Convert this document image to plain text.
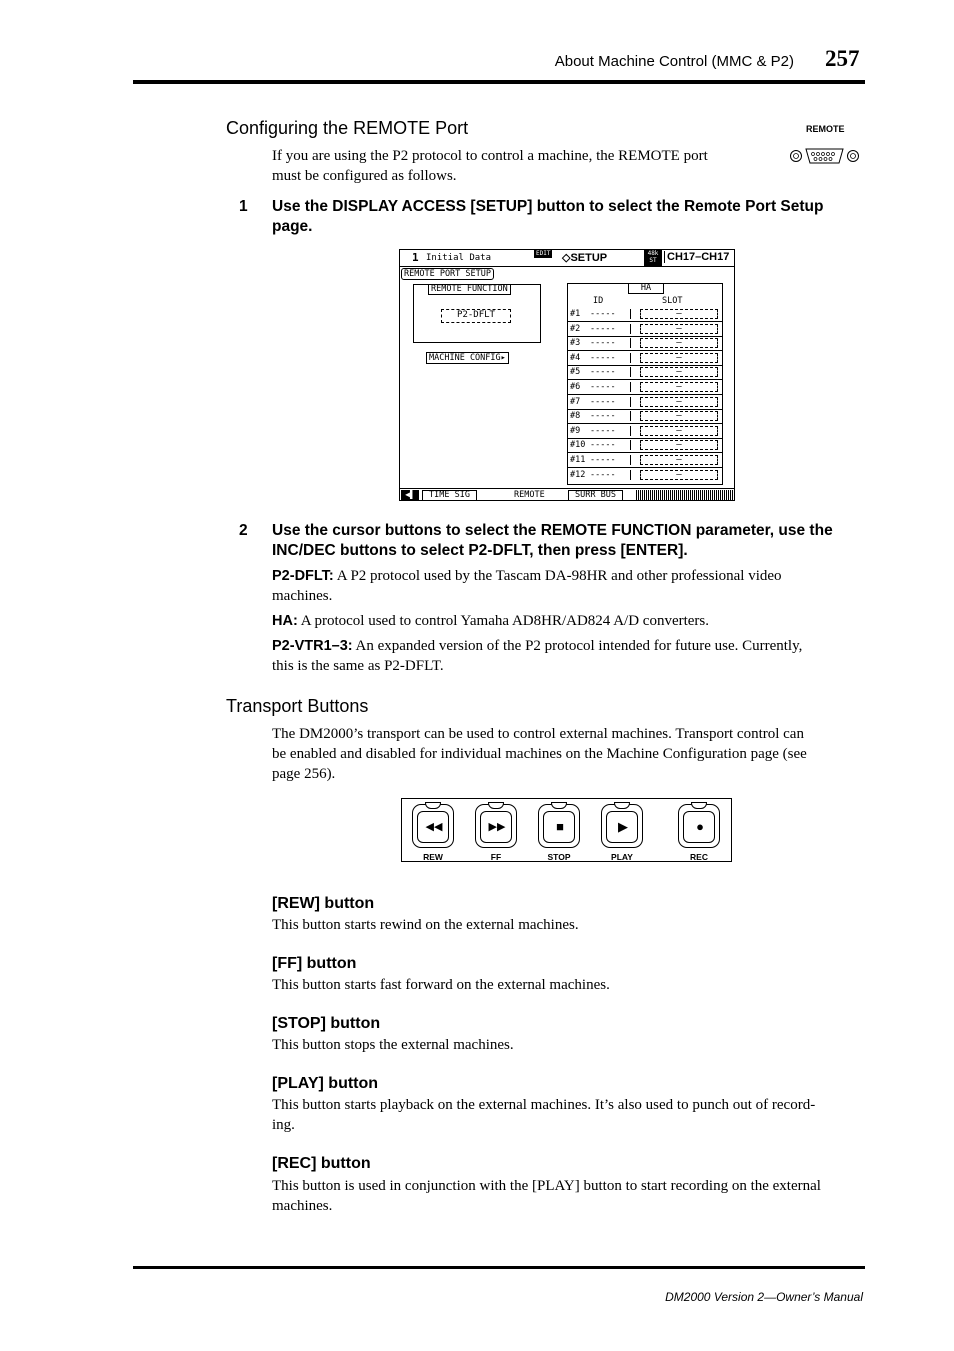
About Machine Control (MMC & P2) 257
Configuring the REMOTE Port	REMOTE

If you are using the P2 protocol to control a machine, the REMOTE port

must be configured as follows.

1 Use the DISPLAY ACCESS [SETUP] button to select the Remote Port Setup
page.
1 Initial Data	EDIT ◇SETUP	48k
ST CH17–CH17
REMOTE PORT SETUP
REMOTE FUNCTION
P2-DFLT
MACHINE CONFIG▸
HA
ID	SLOT
#1 -----	–
#2 -----	–
#3 -----	–
#4 -----	–
#5 -----	–
#6 -----	–
#7 -----	–
#8 -----	–
#9 -----	–
#10 -----	–
#11 -----	–
#12 -----	–
◀▌	TIME SIG	REMOTE	SURR BUS
2 Use the cursor buttons to select the REMOTE FUNCTION parameter, use the
INC/DEC buttons to select P2-DFLT, then press [ENTER].

P2-DFLT: A P2 protocol used by the Tascam DA-98HR and other professional video

machines.

HA: A protocol used to control Yamaha AD8HR/AD824 A/D converters.

P2-VTR1–3: An expanded version of the P2 protocol intended for future use. Currently,

this is the same as P2-DFLT.

Transport Buttons

The DM2000’s transport can be used to control external machines. Transport control can

be enabled and disabled for individual machines on the Machine Configuration page (see

page 256).

◀◀
REW
▶▶
FF
■
STOP
▶
PLAY
●
REC
[REW] button

This button starts rewind on the external machines.

[FF] button

This button starts fast forward on the external machines.

[STOP] button

This button stops the external machines.

[PLAY] button

This button starts playback on the external machines. It’s also used to punch out of record-

ing.

[REC] button

This button is used in conjunction with the [PLAY] button to start recording on the external

machines.

DM2000 Version 2—Owner’s Manual
